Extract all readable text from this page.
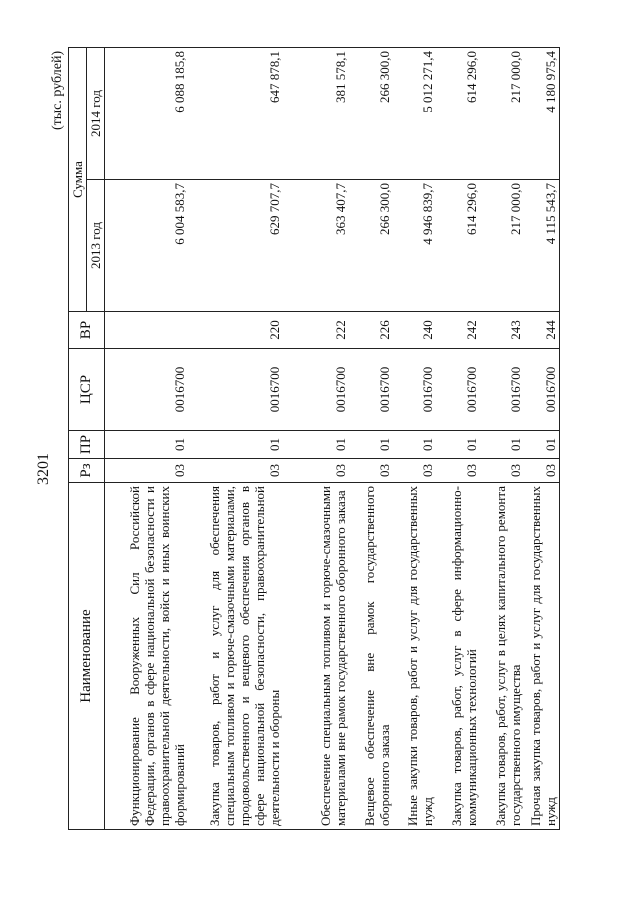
3201
(тыс. рублей)
Наименование	Рз	ПР	ЦСР	ВР	Сумма	
					2013 год	2014 год
Функционирование Вооруженных Сил Российской Федерации, органов в сфере национальной безопасности и правоохранительной деятельности, войск и иных воинских формирований	03	01	0016700		6 004 583,7	6 088 185,8
Закупка товаров, работ и услуг для обеспечения специальным топливом и горюче-смазочными материалами, продовольственного и вещевого обеспечения органов в сфере национальной безопасности, правоохранительной деятельности и обороны	03	01	0016700	220	629 707,7	647 878,1
Обеспечение специальным топливом и горюче-смазочными материалами вне рамок государственного оборонного заказа	03	01	0016700	222	363 407,7	381 578,1
Вещевое обеспечение вне рамок государственного оборонного заказа	03	01	0016700	226	266 300,0	266 300,0
Иные закупки товаров, работ и услуг для государственных нужд	03	01	0016700	240	4 946 839,7	5 012 271,4
Закупка товаров, работ, услуг в сфере информационно-коммуникационных технологий	03	01	0016700	242	614 296,0	614 296,0
Закупка товаров, работ, услуг в целях капитального ремонта государственного имущества	03	01	0016700	243	217 000,0	217 000,0
Прочая закупка товаров, работ и услуг для государственных нужд	03	01	0016700	244	4 115 543,7	4 180 975,4
